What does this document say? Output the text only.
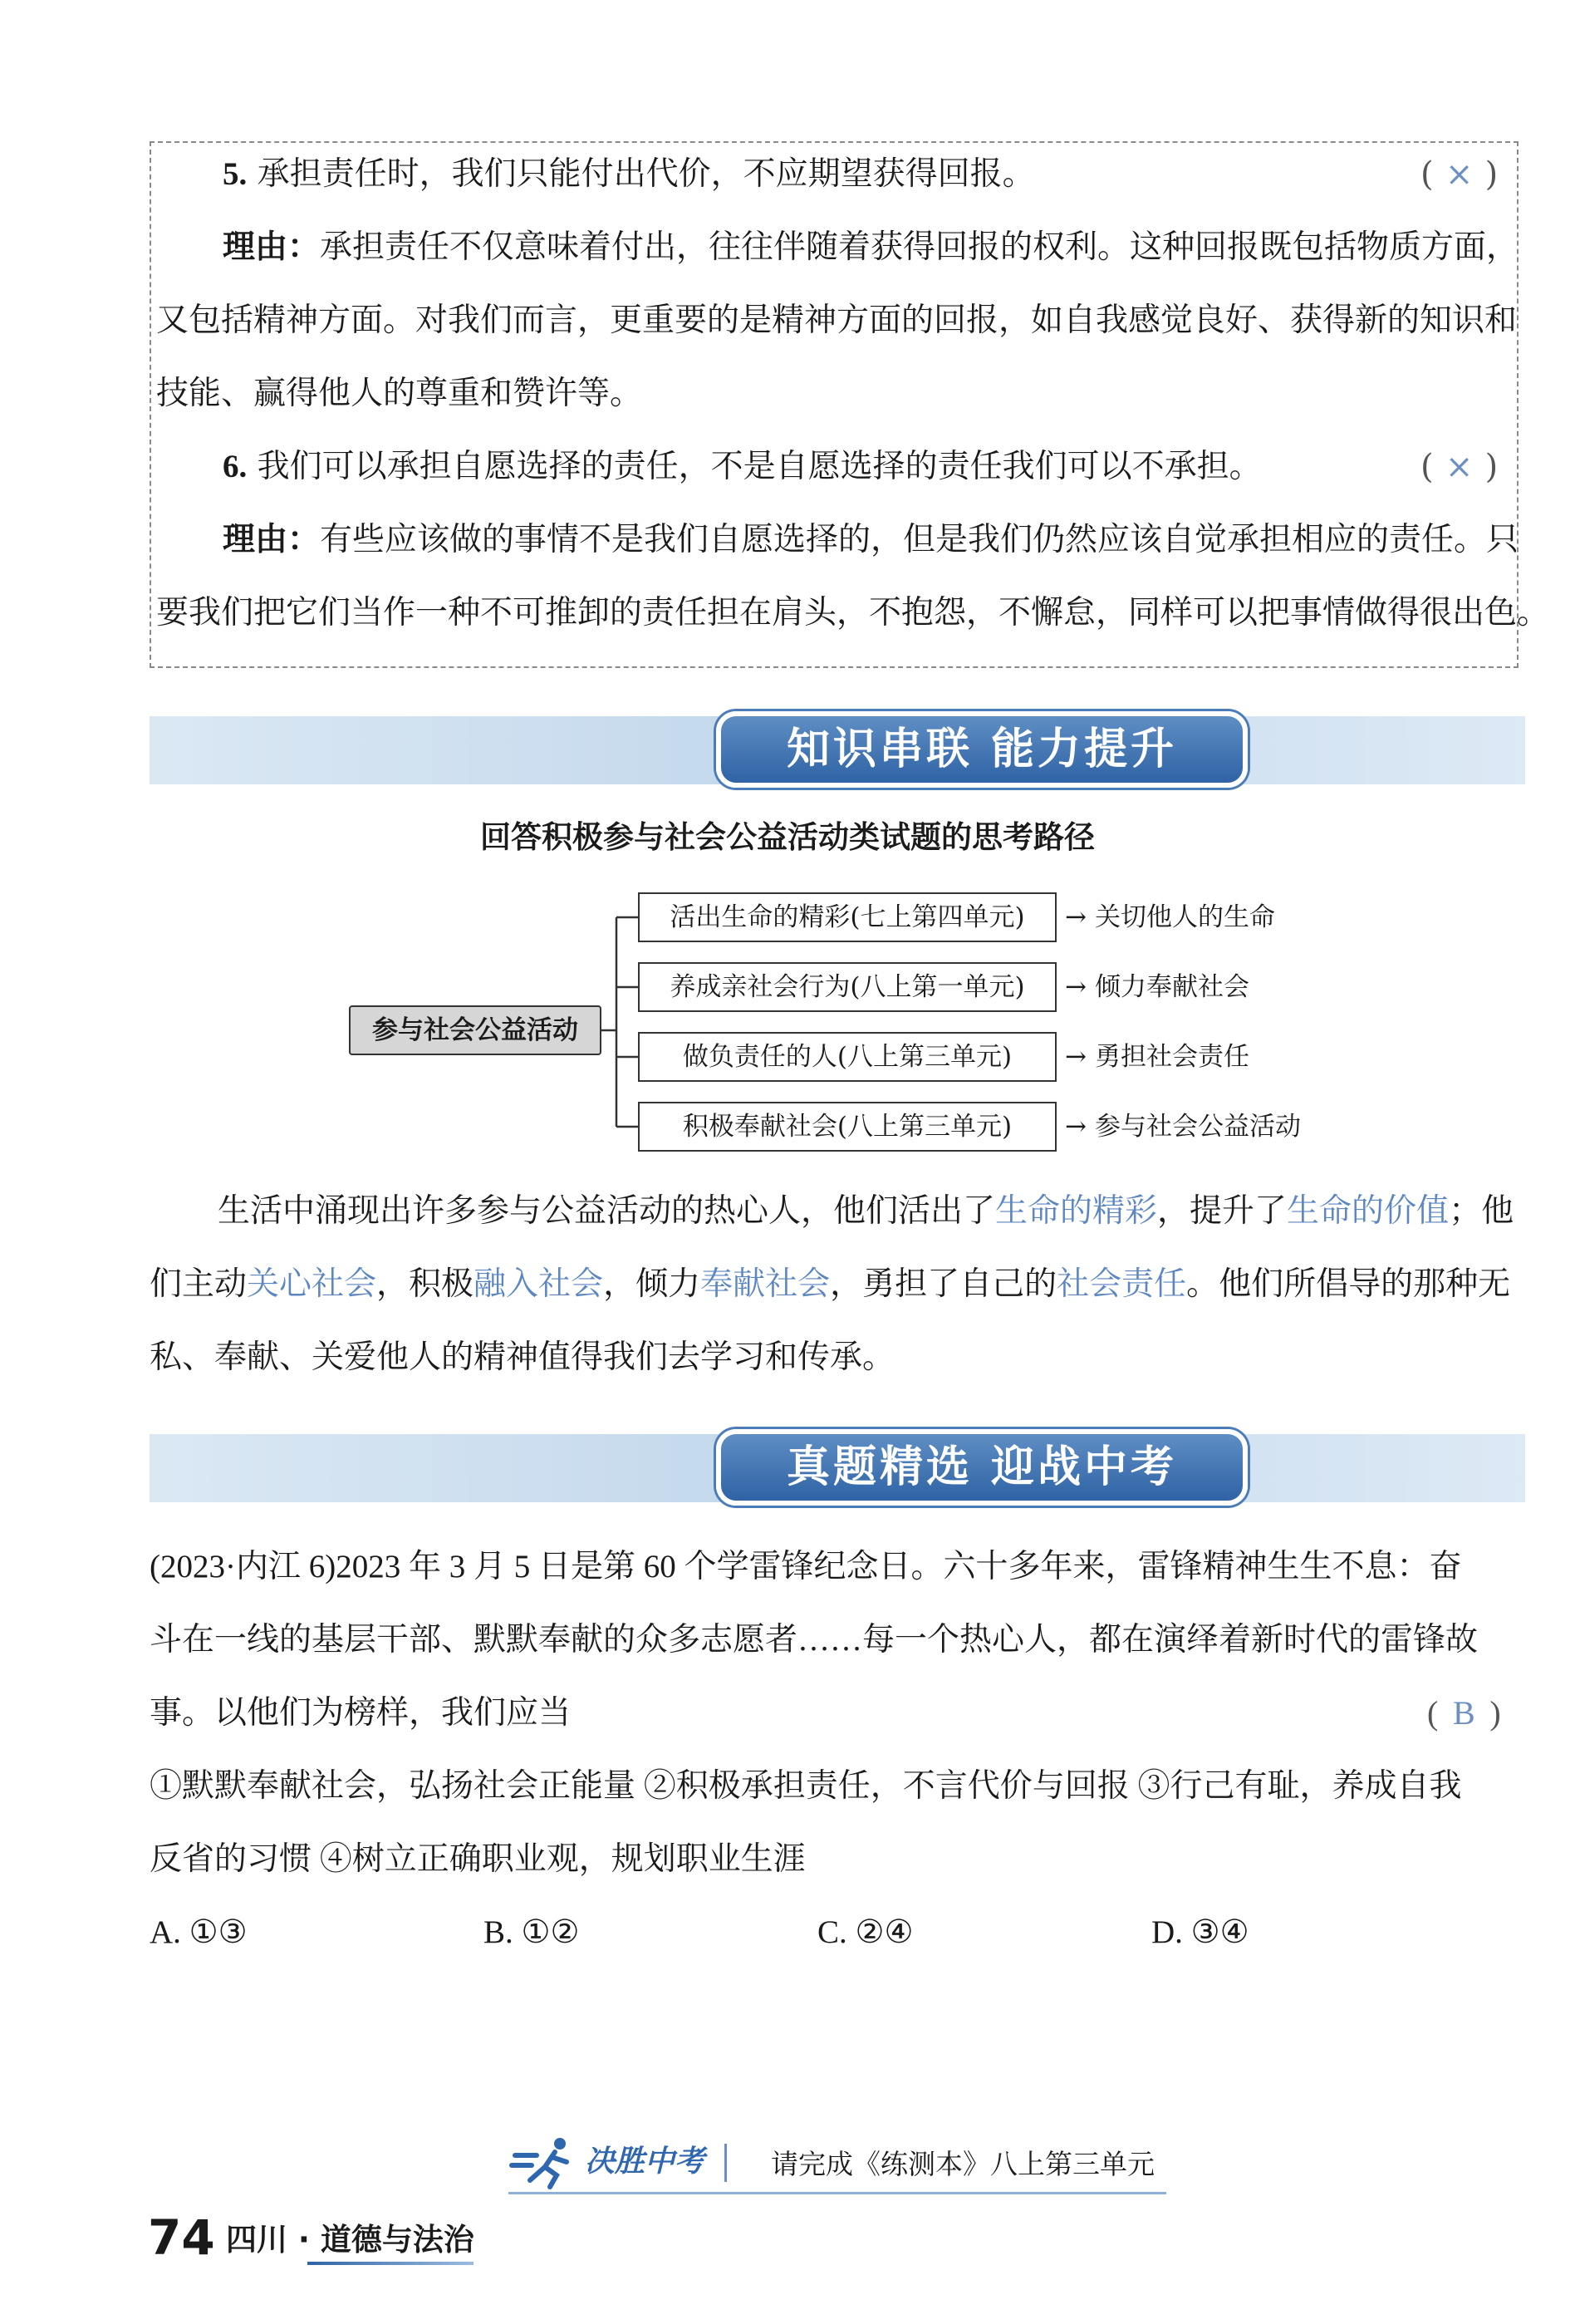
5. 承担责任时，我们只能付出代价，不应期望获得回报。	( × )
理由：承担责任不仅意味着付出，往往伴随着获得回报的权利。这种回报既包括物质方面，
又包括精神方面。对我们而言，更重要的是精神方面的回报，如自我感觉良好、获得新的知识和
技能、赢得他人的尊重和赞许等。
6. 我们可以承担自愿选择的责任，不是自愿选择的责任我们可以不承担。	( × )
理由：有些应该做的事情不是我们自愿选择的，但是我们仍然应该自觉承担相应的责任。只
要我们把它们当作一种不可推卸的责任担在肩头，不抱怨，不懈怠，同样可以把事情做得很出色。
知识串联 能力提升
回答积极参与社会公益活动类试题的思考路径
参与社会公益活动
活出生命的精彩(七上第四单元)
养成亲社会行为(八上第一单元)
做负责任的人(八上第三单元)
积极奉献社会(八上第三单元)
→ 关切他人的生命
→ 倾力奉献社会
→ 勇担社会责任
→ 参与社会公益活动
生活中涌现出许多参与公益活动的热心人，他们活出了生命的精彩，提升了生命的价值；他
们主动关心社会，积极融入社会，倾力奉献社会，勇担了自己的社会责任。他们所倡导的那种无
私、奉献、关爱他人的精神值得我们去学习和传承。
真题精选 迎战中考
(2023·内江 6)2023 年 3 月 5 日是第 60 个学雷锋纪念日。六十多年来，雷锋精神生生不息：奋
斗在一线的基层干部、默默奉献的众多志愿者……每一个热心人，都在演绎着新时代的雷锋故
事。以他们为榜样，我们应当	( B )
①默默奉献社会，弘扬社会正能量 ②积极承担责任，不言代价与回报 ③行己有耻，养成自我
反省的习惯 ④树立正确职业观，规划职业生涯
A. ①③	B. ①②	C. ②④	D. ③④
决胜中考 请完成《练测本》八上第三单元
74 四川 · 道德与法治
